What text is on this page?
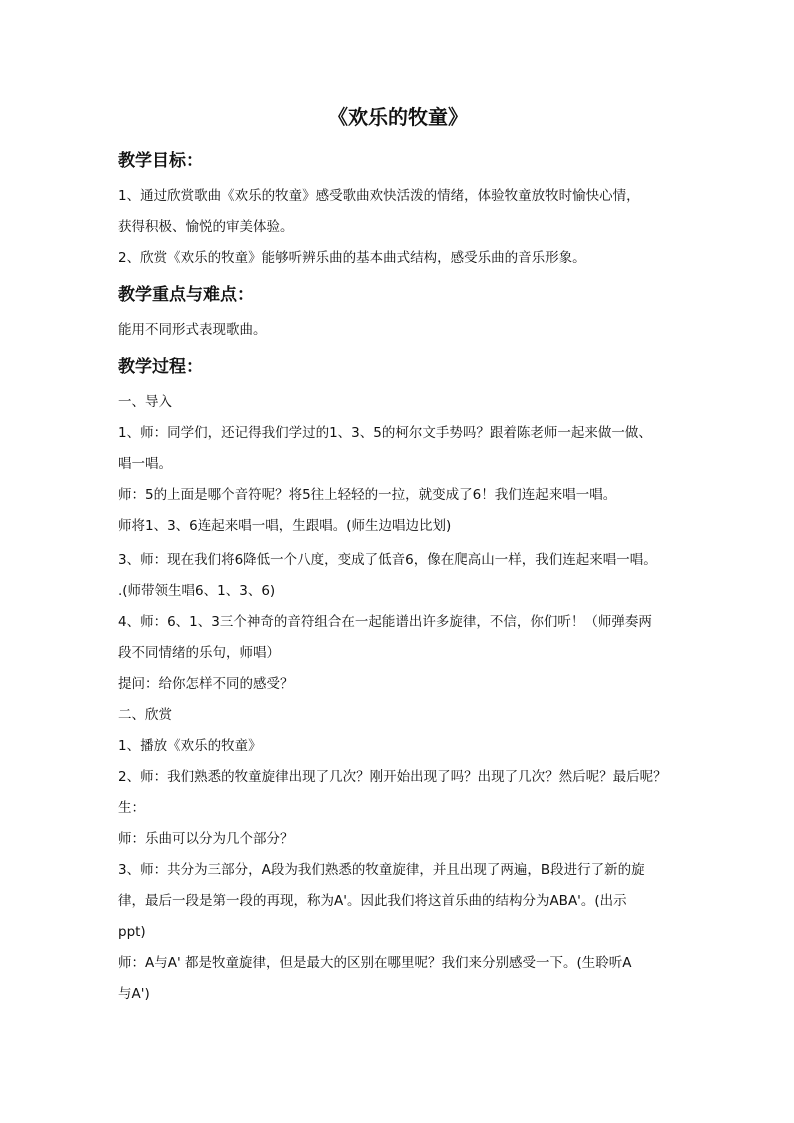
《欢乐的牧童》
教学目标：

1、通过欣赏歌曲《欢乐的牧童》感受歌曲欢快活泼的情绪，体验牧童放牧时愉快心情，

获得积极、愉悦的审美体验。

2、欣赏《欢乐的牧童》能够听辨乐曲的基本曲式结构，感受乐曲的音乐形象。

教学重点与难点：

能用不同形式表现歌曲。

教学过程：

一、导入

1、师：同学们，还记得我们学过的1、3、5的柯尔文手势吗？跟着陈老师一起来做一做、

唱一唱。

师：5的上面是哪个音符呢？将5往上轻轻的一拉，就变成了6！我们连起来唱一唱。

师将1、3、6连起来唱一唱，生跟唱。(师生边唱边比划)

3、师：现在我们将6降低一个八度，变成了低音6，像在爬高山一样，我们连起来唱一唱。

.(师带领生唱6、1、3、6)

4、师：6、1、3三个神奇的音符组合在一起能谱出许多旋律，不信，你们听！（师弹奏两

段不同情绪的乐句，师唱）

提问：给你怎样不同的感受？

二、欣赏

1、播放《欢乐的牧童》

2、师：我们熟悉的牧童旋律出现了几次？刚开始出现了吗？出现了几次？然后呢？最后呢？

生：

师：乐曲可以分为几个部分？

3、师：共分为三部分，A段为我们熟悉的牧童旋律，并且出现了两遍，B段进行了新的旋

律，最后一段是第一段的再现，称为A'。因此我们将这首乐曲的结构分为ABA'。(出示

ppt)

师：A与A' 都是牧童旋律，但是最大的区别在哪里呢？我们来分别感受一下。(生聆听A

与A')
